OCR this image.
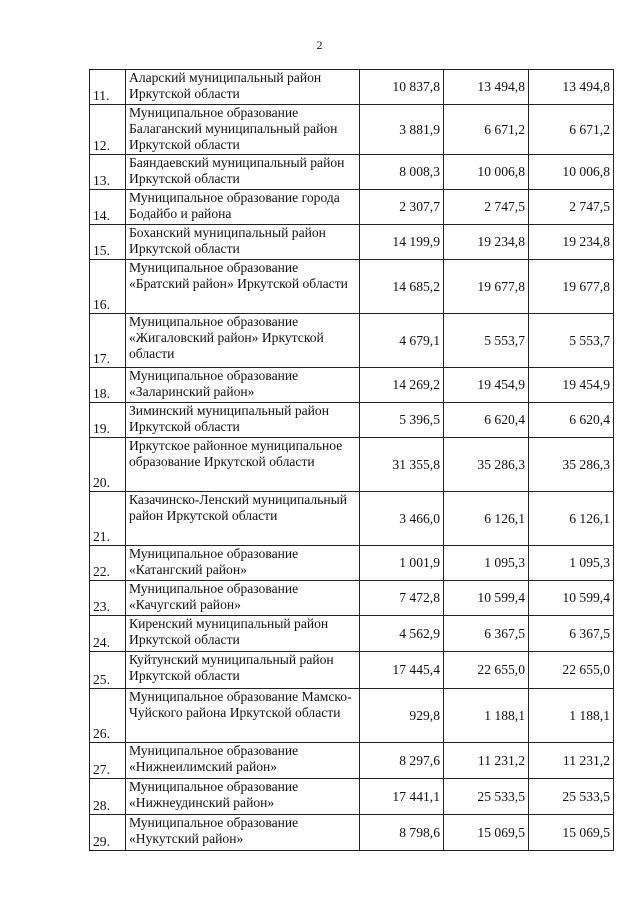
2
11.	Аларский муниципальный район Иркутской области	10 837,8	13 494,8	13 494,8
12.	Муниципальное образование Балаганский муниципальный район Иркутской области	3 881,9	6 671,2	6 671,2
13.	Баяндаевский муниципальный район Иркутской области	8 008,3	10 006,8	10 006,8
14.	Муниципальное образование города Бодайбо и района	2 307,7	2 747,5	2 747,5
15.	Боханский муниципальный район Иркутской области	14 199,9	19 234,8	19 234,8
16.	Муниципальное образование «Братский район» Иркутской области	14 685,2	19 677,8	19 677,8
17.	Муниципальное образование «Жигаловский район» Иркутской области	4 679,1	5 553,7	5 553,7
18.	Муниципальное образование «Заларинский район»	14 269,2	19 454,9	19 454,9
19.	Зиминский муниципальный район Иркутской области	5 396,5	6 620,4	6 620,4
20.	Иркутское районное муниципальное образование Иркутской области	31 355,8	35 286,3	35 286,3
21.	Казачинско-Ленский муниципальный район Иркутской области	3 466,0	6 126,1	6 126,1
22.	Муниципальное образование «Катангский район»	1 001,9	1 095,3	1 095,3
23.	Муниципальное образование «Качугский район»	7 472,8	10 599,4	10 599,4
24.	Киренский муниципальный район Иркутской области	4 562,9	6 367,5	6 367,5
25.	Куйтунский муниципальный район Иркутской области	17 445,4	22 655,0	22 655,0
26.	Муниципальное образование Мамско-Чуйского района Иркутской области	929,8	1 188,1	1 188,1
27.	Муниципальное образование «Нижнеилимский район»	8 297,6	11 231,2	11 231,2
28.	Муниципальное образование «Нижнеудинский район»	17 441,1	25 533,5	25 533,5
29.	Муниципальное образование «Нукутский район»	8 798,6	15 069,5	15 069,5
